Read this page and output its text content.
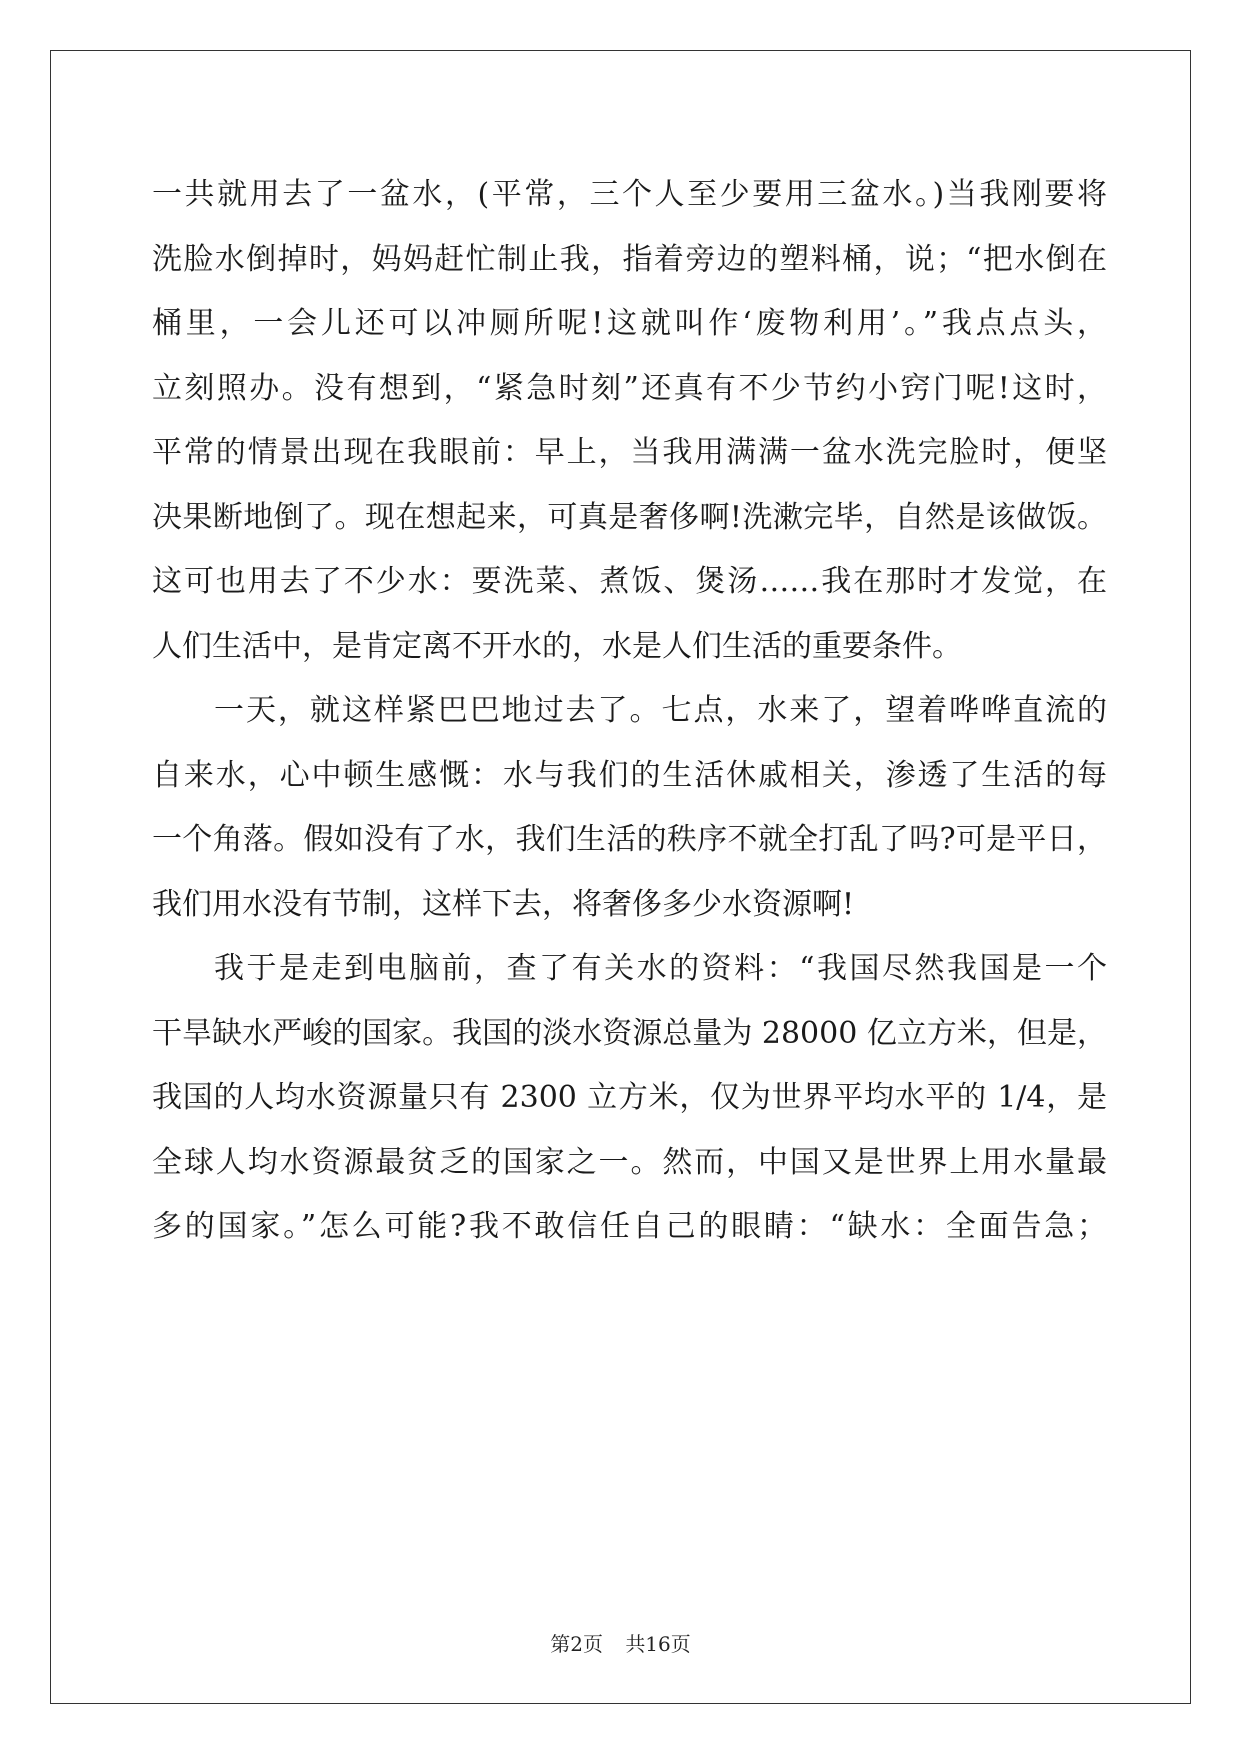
一共就用去了一盆水，(平常，三个人至少要用三盆水。)当我刚要将
洗脸水倒掉时，妈妈赶忙制止我，指着旁边的塑料桶，说；“把水倒在
桶里，一会儿还可以冲厕所呢!这就叫作‘废物利用’。”我点点头，
立刻照办。没有想到，“紧急时刻”还真有不少节约小窍门呢!这时，
平常的情景出现在我眼前：早上，当我用满满一盆水洗完脸时，便坚
决果断地倒了。现在想起来，可真是奢侈啊!洗漱完毕，自然是该做饭。
这可也用去了不少水：要洗菜、煮饭、煲汤……我在那时才发觉，在
人们生活中，是肯定离不开水的，水是人们生活的重要条件。
一天，就这样紧巴巴地过去了。七点，水来了，望着哗哗直流的
自来水，心中顿生感慨：水与我们的生活休戚相关，渗透了生活的每
一个角落。假如没有了水，我们生活的秩序不就全打乱了吗?可是平日，
我们用水没有节制，这样下去，将奢侈多少水资源啊!
我于是走到电脑前，查了有关水的资料：“我国尽然我国是一个
干旱缺水严峻的国家。我国的淡水资源总量为 28000 亿立方米，但是，
我国的人均水资源量只有 2300 立方米，仅为世界平均水平的 1/4，是
全球人均水资源最贫乏的国家之一。然而，中国又是世界上用水量最
多的国家。”怎么可能?我不敢信任自己的眼睛：“缺水：全面告急；
第2页 共16页
